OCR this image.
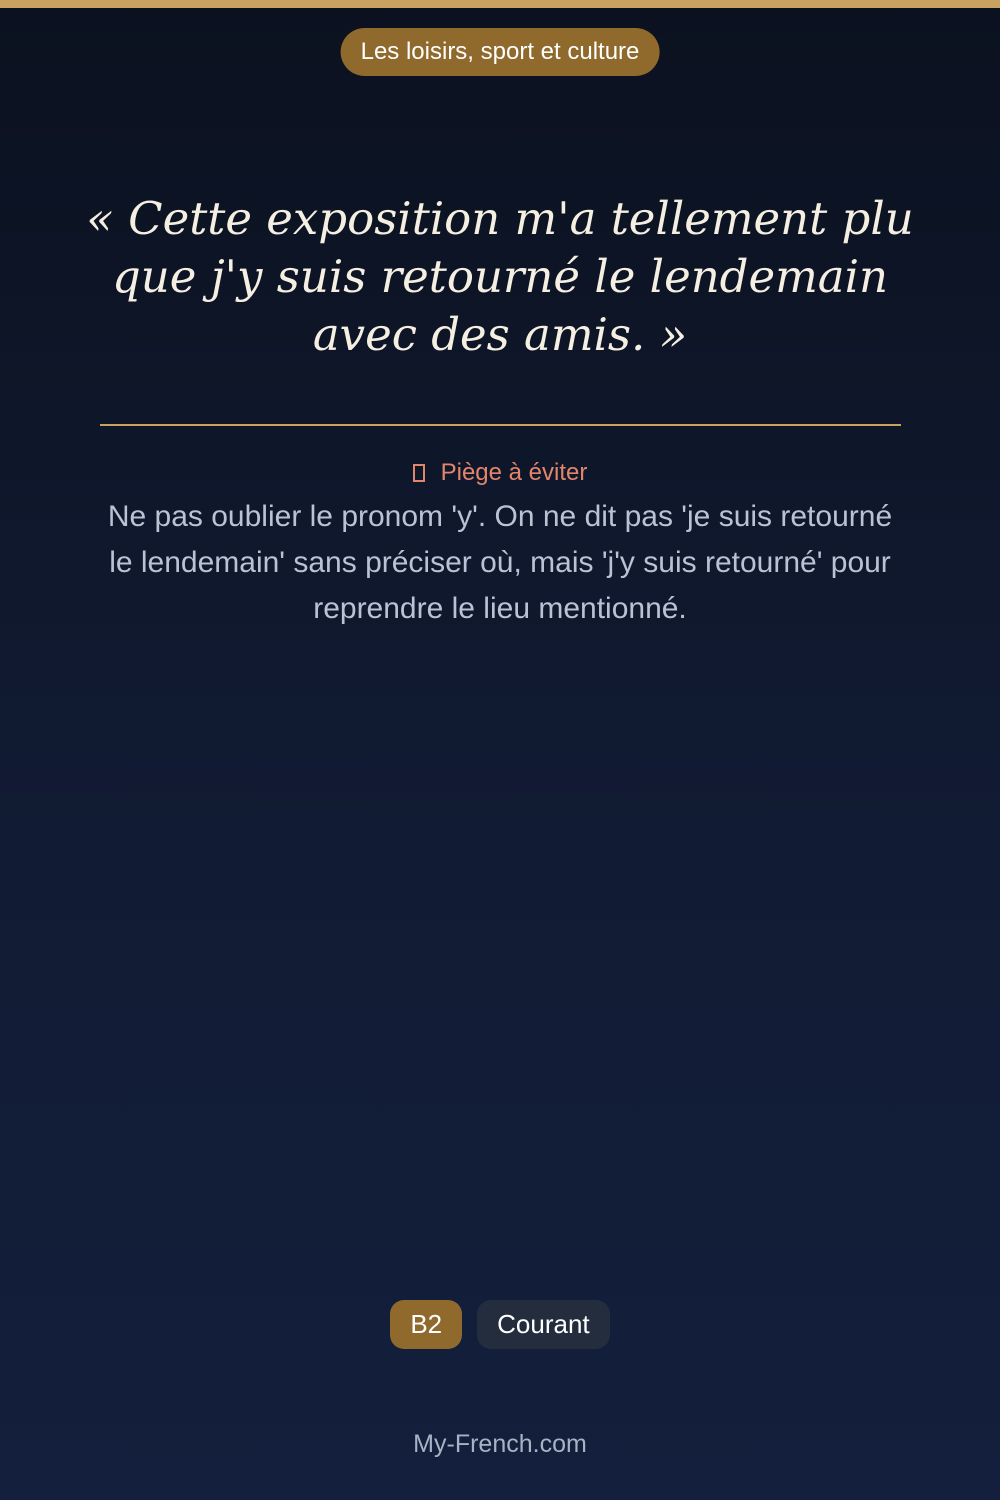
Les loisirs, sport et culture
« Cette exposition m'a tellement plu que j'y suis retourné le lendemain avec des amis. »
Piège à éviter
Ne pas oublier le pronom 'y'. On ne dit pas 'je suis retourné le lendemain' sans préciser où, mais 'j'y suis retourné' pour reprendre le lieu mentionné.
B2	Courant
My-French.com
